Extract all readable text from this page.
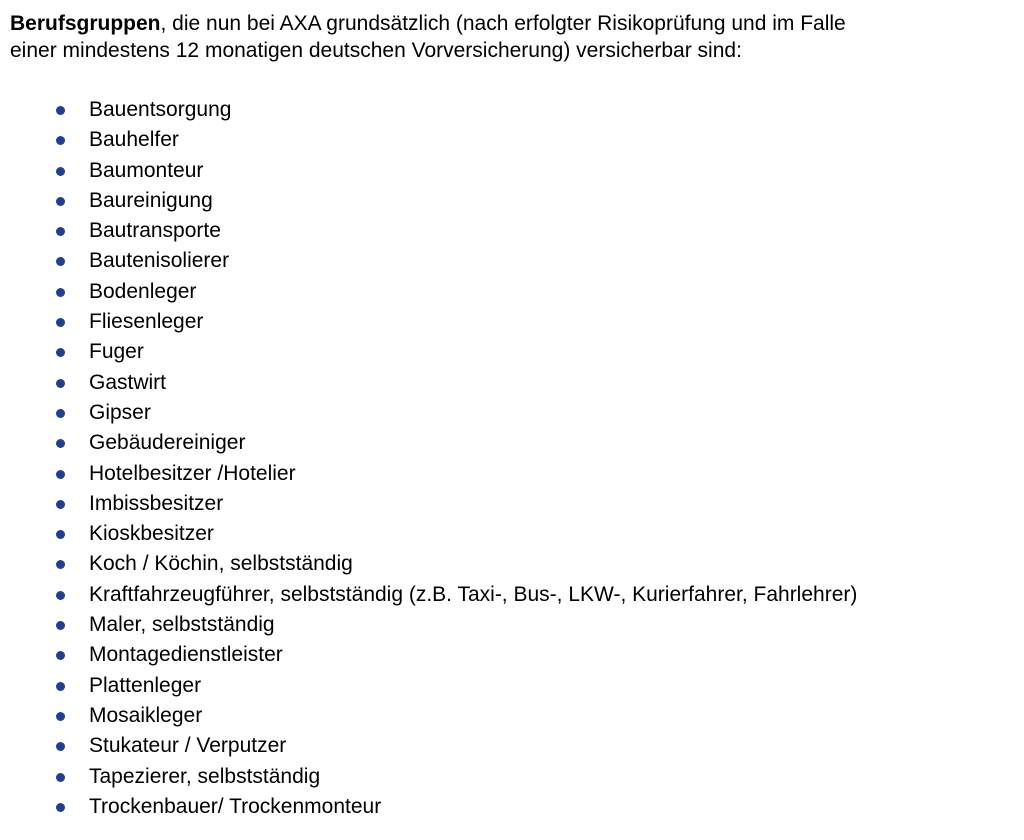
Berufsgruppen, die nun bei AXA grundsätzlich (nach erfolgter Risikoprüfung und im Falle
einer mindestens 12 monatigen deutschen Vorversicherung) versicherbar sind:

Bauentsorgung
Bauhelfer
Baumonteur
Baureinigung
Bautransporte
Bautenisolierer
Bodenleger
Fliesenleger
Fuger
Gastwirt
Gipser
Gebäudereiniger
Hotelbesitzer /Hotelier
Imbissbesitzer
Kioskbesitzer
Koch / Köchin, selbstständig
Kraftfahrzeugführer, selbstständig (z.B. Taxi-, Bus-, LKW-, Kurierfahrer, Fahrlehrer)
Maler, selbstständig
Montagedienstleister
Plattenleger
Mosaikleger
Stukateur / Verputzer
Tapezierer, selbstständig
Trockenbauer/ Trockenmonteur
